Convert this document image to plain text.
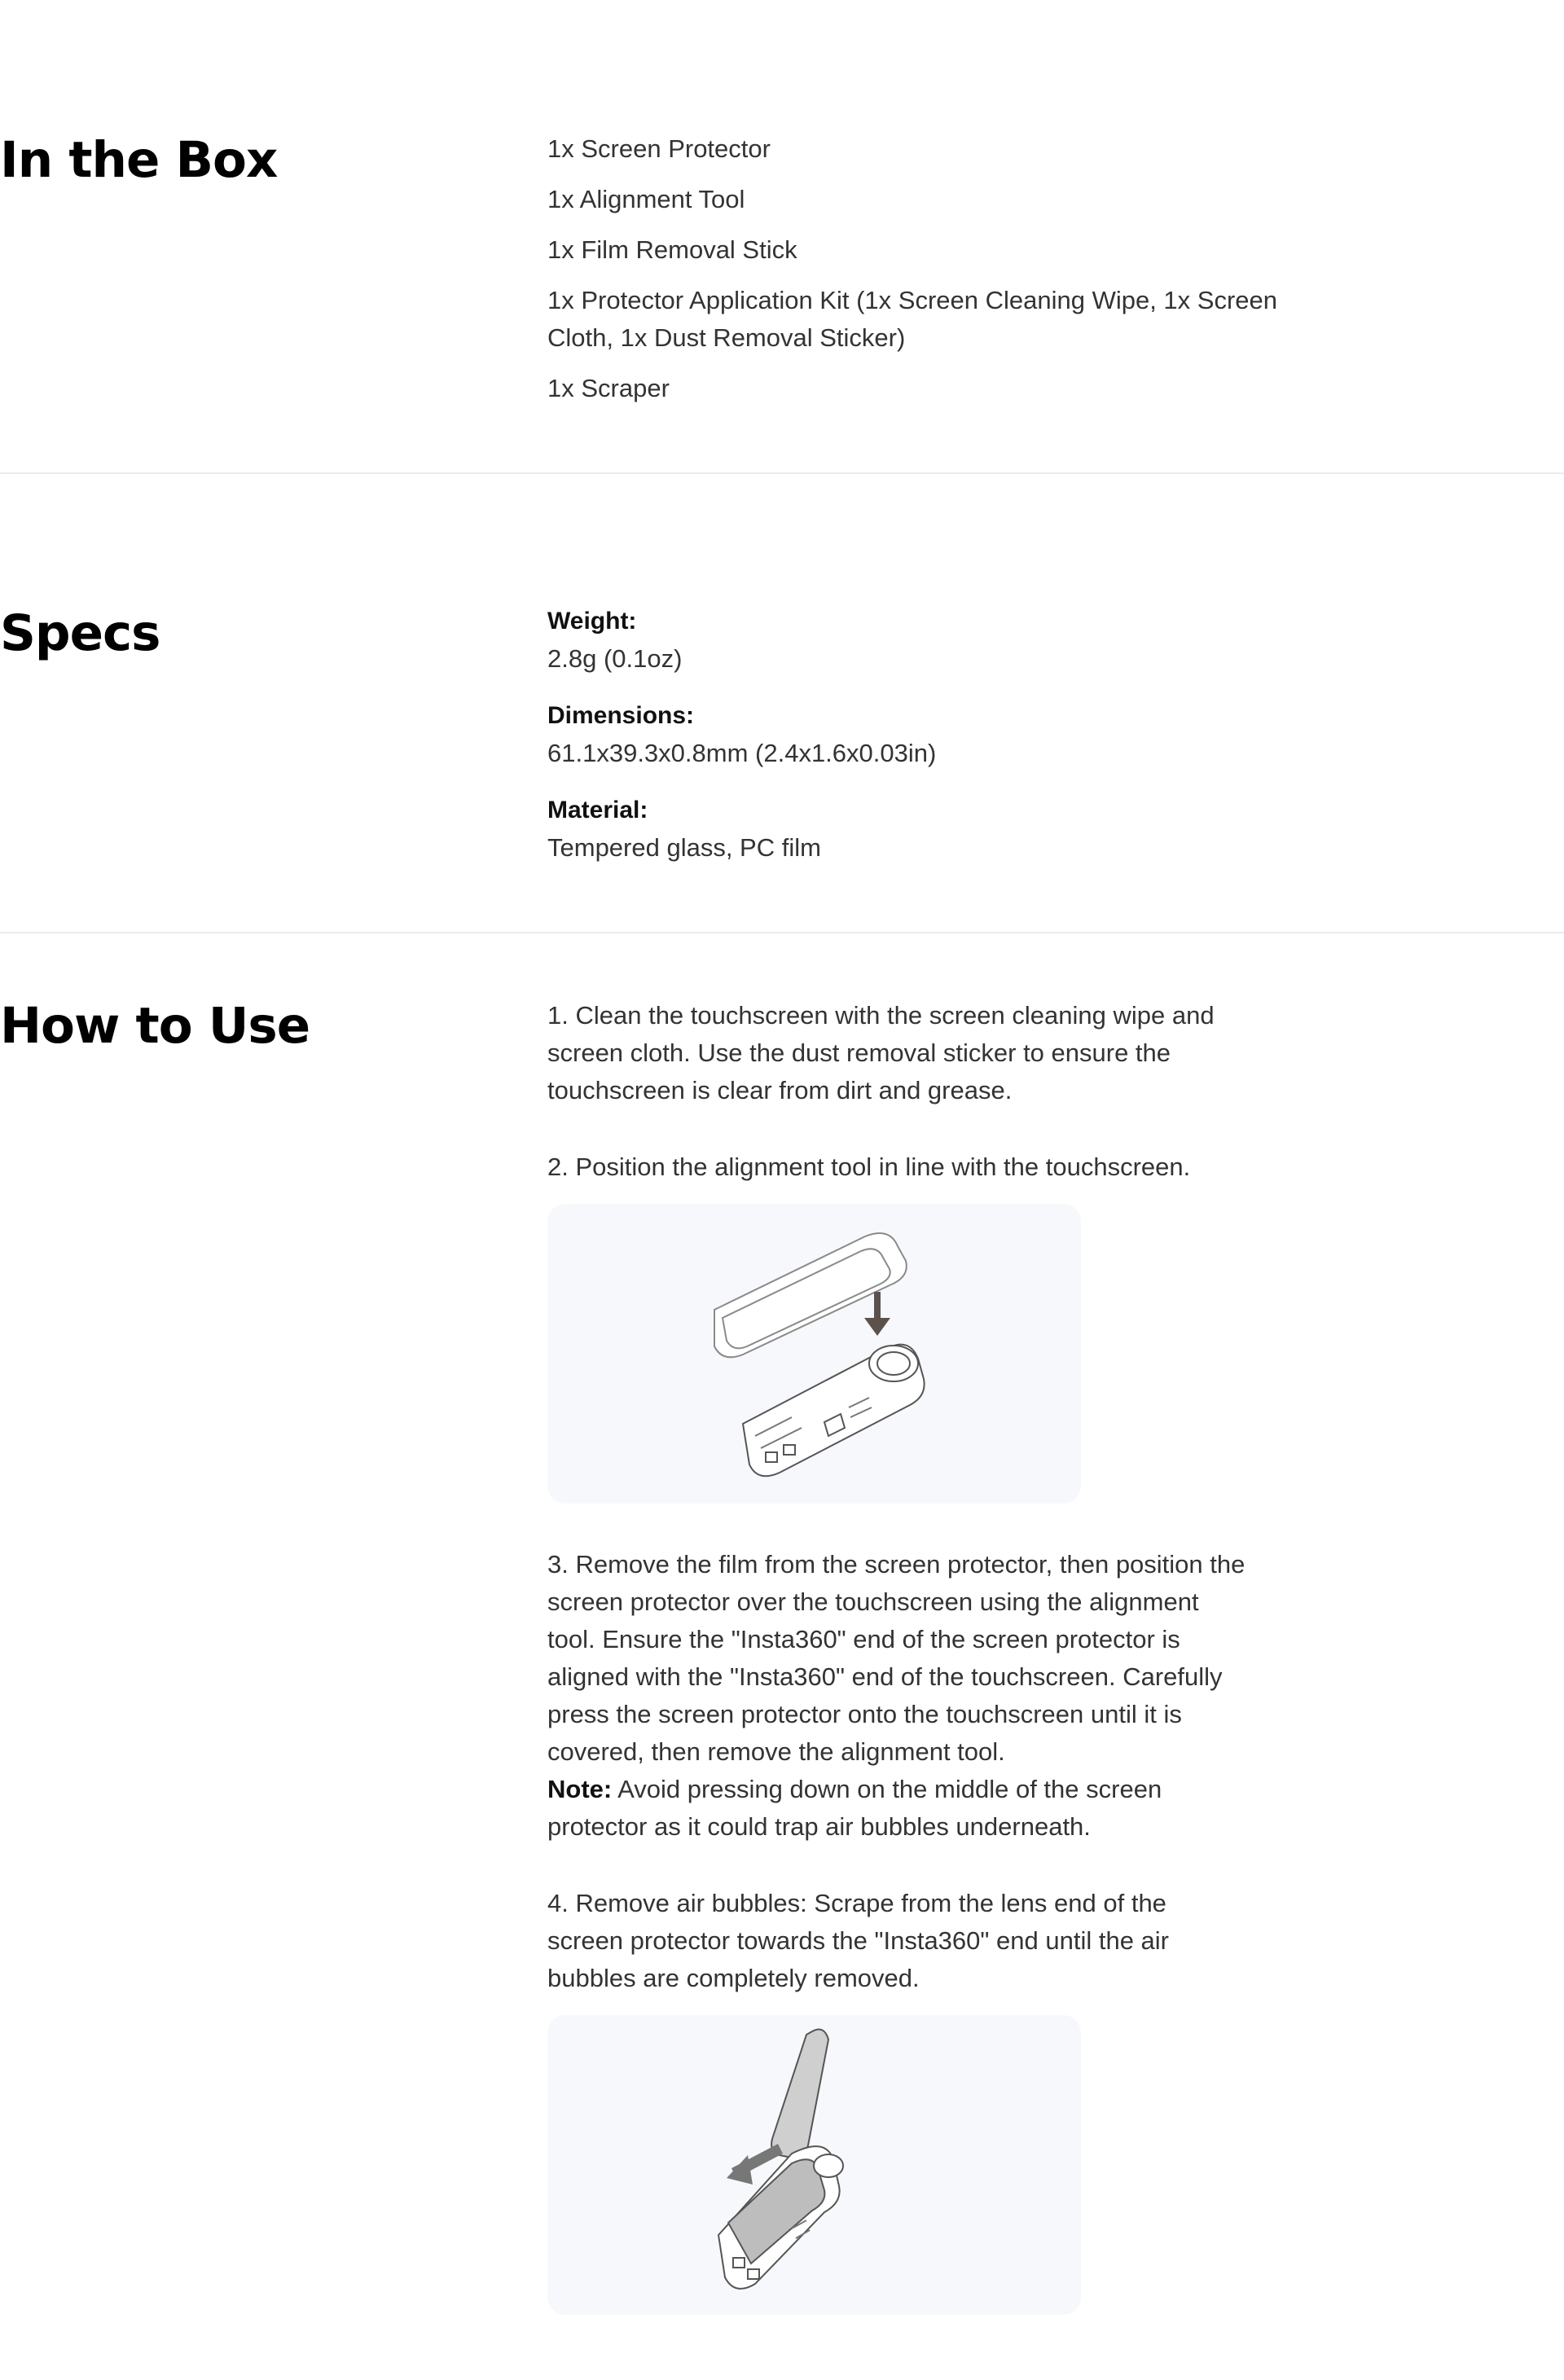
In the Box	1x Screen Protector
1x Alignment Tool
1x Film Removal Stick
1x Protector Application Kit (1x Screen Cleaning Wipe, 1x Screen Cloth, 1x Dust Removal Sticker)
1x Scraper
Specs	Weight:
2.8g (0.1oz)
Dimensions:
61.1x39.3x0.8mm (2.4x1.6x0.03in)
Material:
Tempered glass, PC film
How to Use	1. Clean the touchscreen with the screen cleaning wipe and screen cloth. Use the dust removal sticker to ensure the touchscreen is clear from dirt and grease.

2. Position the alignment tool in line with the touchscreen.

3. Remove the film from the screen protector, then position the screen protector over the touchscreen using the alignment tool. Ensure the "Insta360" end of the screen protector is aligned with the "Insta360" end of the touchscreen. Carefully press the screen protector onto the touchscreen until it is covered, then remove the alignment tool.
Note: Avoid pressing down on the middle of the screen protector as it could trap air bubbles underneath.

4. Remove air bubbles: Scrape from the lens end of the screen protector towards the "Insta360" end until the air bubbles are completely removed.
